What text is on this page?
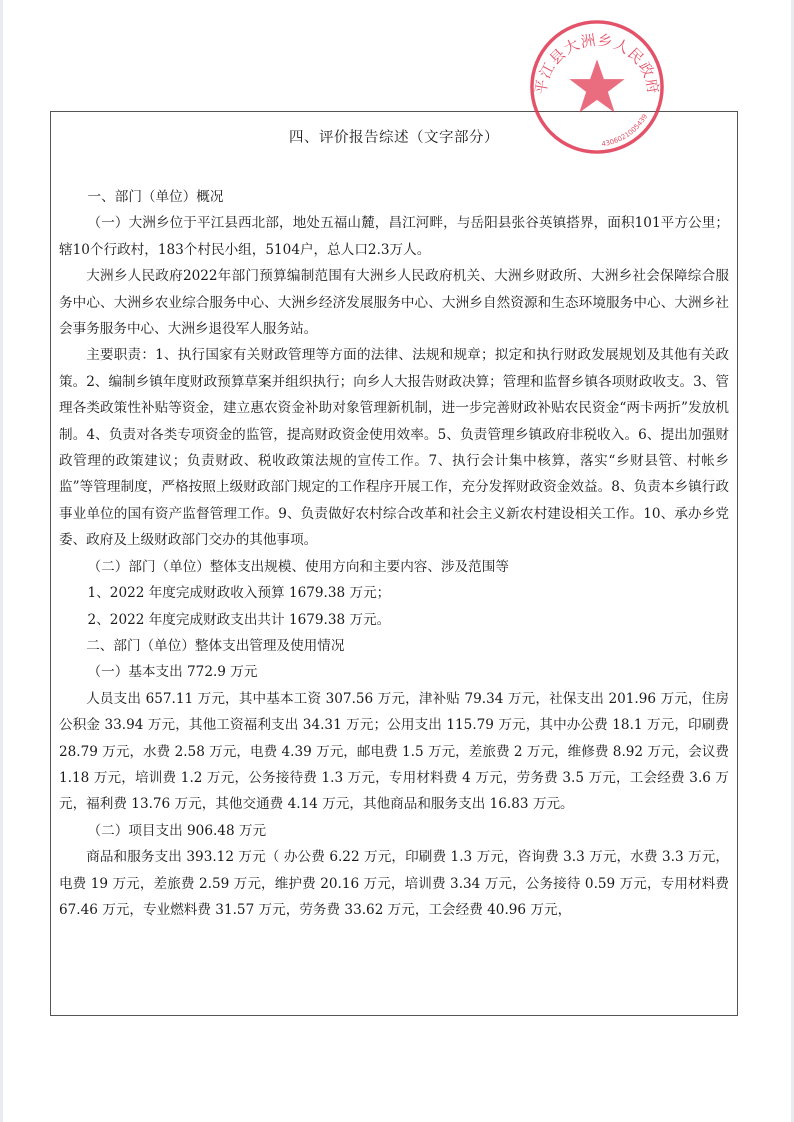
四、评价报告综述（文字部分）

一、部门（单位）概况

（一）大洲乡位于平江县西北部，地处五福山麓，昌江河畔，与岳阳县张谷英镇搭界，面积101平方公里；辖10个行政村，183个村民小组，5104户，总人口2.3万人。

大洲乡人民政府2022年部门预算编制范围有大洲乡人民政府机关、大洲乡财政所、大洲乡社会保障综合服务中心、大洲乡农业综合服务中心、大洲乡经济发展服务中心、大洲乡自然资源和生态环境服务中心、大洲乡社会事务服务中心、大洲乡退役军人服务站。

主要职责：1、执行国家有关财政管理等方面的法律、法规和规章；拟定和执行财政发展规划及其他有关政策。2、编制乡镇年度财政预算草案并组织执行；向乡人大报告财政决算；管理和监督乡镇各项财政收支。3、管理各类政策性补贴等资金，建立惠农资金补助对象管理新机制，进一步完善财政补贴农民资金“两卡两折”发放机制。4、负责对各类专项资金的监管，提高财政资金使用效率。5、负责管理乡镇政府非税收入。6、提出加强财政管理的政策建议；负责财政、税收政策法规的宣传工作。7、执行会计集中核算，落实“乡财县管、村帐乡监”等管理制度，严格按照上级财政部门规定的工作程序开展工作，充分发挥财政资金效益。8、负责本乡镇行政事业单位的国有资产监督管理工作。9、负责做好农村综合改革和社会主义新农村建设相关工作。10、承办乡党委、政府及上级财政部门交办的其他事项。

（二）部门（单位）整体支出规模、使用方向和主要内容、涉及范围等

1、2022 年度完成财政收入预算 1679.38 万元；

2、2022 年度完成财政支出共计 1679.38 万元。

二、部门（单位）整体支出管理及使用情况

（一）基本支出 772.9 万元

人员支出 657.11 万元，其中基本工资 307.56 万元，津补贴 79.34 万元，社保支出 201.96 万元，住房公积金 33.94 万元，其他工资福利支出 34.31 万元；公用支出 115.79 万元，其中办公费 18.1 万元，印刷费 28.79 万元，水费 2.58 万元，电费 4.39 万元，邮电费 1.5 万元，差旅费 2 万元，维修费 8.92 万元，会议费 1.18 万元，培训费 1.2 万元，公务接待费 1.3 万元，专用材料费 4 万元，劳务费 3.5 万元，工会经费 3.6 万元，福利费 13.76 万元，其他交通费 4.14 万元，其他商品和服务支出 16.83 万元。

（二）项目支出 906.48 万元

商品和服务支出 393.12 万元（ 办公费 6.22 万元，印刷费 1.3 万元，咨询费 3.3 万元，水费 3.3 万元，电费 19 万元，差旅费 2.59 万元，维护费 20.16 万元，培训费 3.34 万元，公务接待 0.59 万元，专用材料费 67.46 万元，专业燃料费 31.57 万元，劳务费 33.62 万元，工会经费 40.96 万元，

平江县大洲乡人民政府
4306021005439
